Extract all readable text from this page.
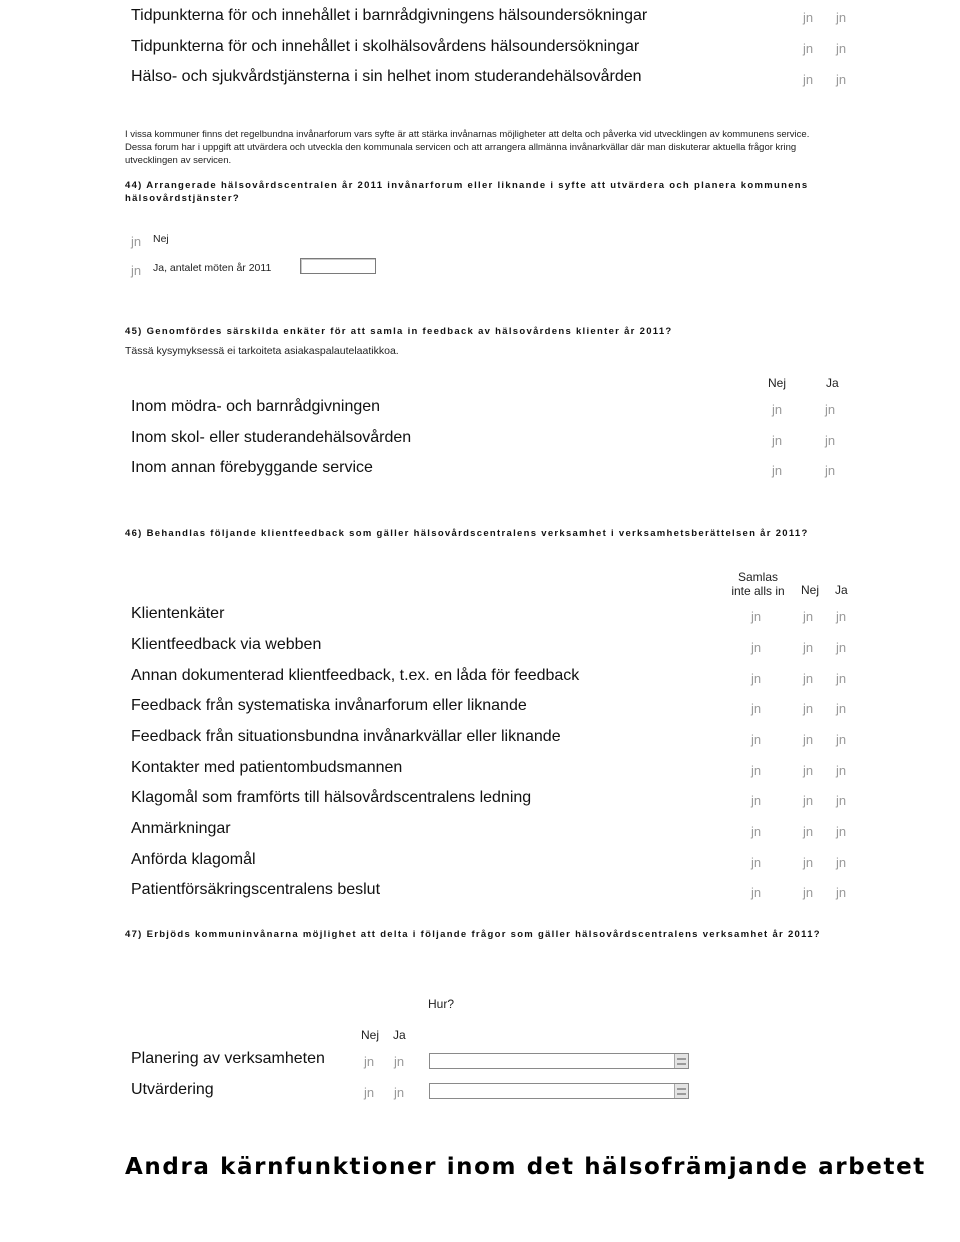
Tidpunkterna för och innehållet i barnrådgivningens hälsoundersökningar	jn jn
Tidpunkterna för och innehållet i skolhälsovårdens hälsoundersökningar	jn jn
Hälso- och sjukvårdstjänsterna i sin helhet inom studerandehälsovården	jn jn
I vissa kommuner finns det regelbundna invånarforum vars syfte är att stärka invånarnas möjligheter att delta och påverka vid utvecklingen av kommunens service. Dessa forum har i uppgift att utvärdera och utveckla den kommunala servicen och att arrangera allmänna invånarkvällar där man diskuterar aktuella frågor kring utvecklingen av servicen.
44) Arrangerade hälsovårdscentralen år 2011 invånarforum eller liknande i syfte att utvärdera och planera kommunens hälsovårdstjänster?
jn Nej
jn Ja, antalet möten år 2011
45) Genomfördes särskilda enkäter för att samla in feedback av hälsovårdens klienter år 2011?
Tässä kysymyksessä ei tarkoiteta asiakaspalautelaatikkoa.
Nej	Ja
Inom mödra- och barnrådgivningen	jn	jn
Inom skol- eller studerandehälsovården	jn	jn
Inom annan förebyggande service	jn	jn
46) Behandlas följande klientfeedback som gäller hälsovårdscentralens verksamhet i verksamhetsberättelsen år 2011?
Samlas
inte alls in Nej Ja
Klientenkäter	jn	jn jn
Klientfeedback via webben	jn	jn jn
Annan dokumenterad klientfeedback, t.ex. en låda för feedback	jn	jn jn
Feedback från systematiska invånarforum eller liknande	jn	jn jn
Feedback från situationsbundna invånarkvällar eller liknande	jn	jn jn
Kontakter med patientombudsmannen	jn	jn jn
Klagomål som framförts till hälsovårdscentralens ledning	jn	jn jn
Anmärkningar	jn	jn jn
Anförda klagomål	jn	jn jn
Patientförsäkringscentralens beslut	jn	jn jn
47) Erbjöds kommuninvånarna möjlighet att delta i följande frågor som gäller hälsovårdscentralens verksamhet år 2011?
Hur?
Nej Ja
Planering av verksamheten	jn jn
Utvärdering	jn jn
Andra kärnfunktioner inom det hälsofrämjande arbetet
